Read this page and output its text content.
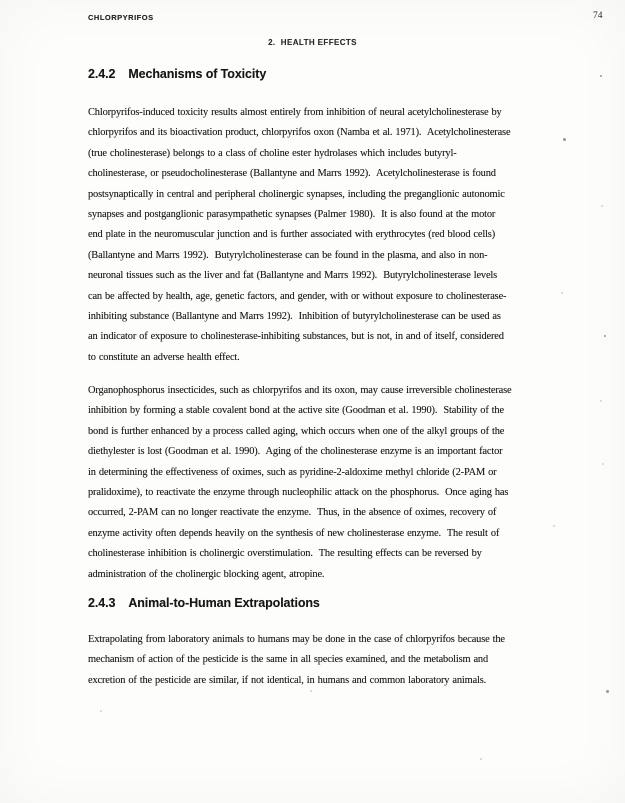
CHLORPYRIFOS	74
2.  HEALTH EFFECTS
2.4.2 Mechanisms of Toxicity
Chlorpyrifos-induced toxicity results almost entirely from inhibition of neural acetylcholinesterase by
chlorpyrifos and its bioactivation product, chlorpyrifos oxon (Namba et al. 1971).  Acetylcholinesterase
(true cholinesterase) belongs to a class of choline ester hydrolases which includes butyryl-
cholinesterase, or pseudocholinesterase (Ballantyne and Marrs 1992).  Acetylcholinesterase is found
postsynaptically in central and peripheral cholinergic synapses, including the preganglionic autonomic
synapses and postganglionic parasympathetic synapses (Palmer 1980).  It is also found at the motor
end plate in the neuromuscular junction and is further associated with erythrocytes (red blood cells)
(Ballantyne and Marrs 1992).  Butyrylcholinesterase can be found in the plasma, and also in non-
neuronal tissues such as the liver and fat (Ballantyne and Marrs 1992).  Butyrylcholinesterase levels
can be affected by health, age, genetic factors, and gender, with or without exposure to cholinesterase-
inhibiting substance (Ballantyne and Marrs 1992).  Inhibition of butyrylcholinesterase can be used as
an indicator of exposure to cholinesterase-inhibiting substances, but is not, in and of itself, considered
to constitute an adverse health effect.
Organophosphorus insecticides, such as chlorpyrifos and its oxon, may cause irreversible cholinesterase
inhibition by forming a stable covalent bond at the active site (Goodman et al. 1990).  Stability of the
bond is further enhanced by a process called aging, which occurs when one of the alkyl groups of the
diethylester is lost (Goodman et al. 1990).  Aging of the cholinesterase enzyme is an important factor
in determining the effectiveness of oximes, such as pyridine-2-aldoxime methyl chloride (2-PAM or
pralidoxime), to reactivate the enzyme through nucleophilic attack on the phosphorus.  Once aging has
occurred, 2-PAM can no longer reactivate the enzyme.  Thus, in the absence of oximes, recovery of
enzyme activity often depends heavily on the synthesis of new cholinesterase enzyme.  The result of
cholinesterase inhibition is cholinergic overstimulation.  The resulting effects can be reversed by
administration of the cholinergic blocking agent, atropine.
2.4.3 Animal-to-Human Extrapolations
Extrapolating from laboratory animals to humans may be done in the case of chlorpyrifos because the
mechanism of action of the pesticide is the same in all species examined, and the metabolism and
excretion of the pesticide are similar, if not identical, in humans and common laboratory animals.
